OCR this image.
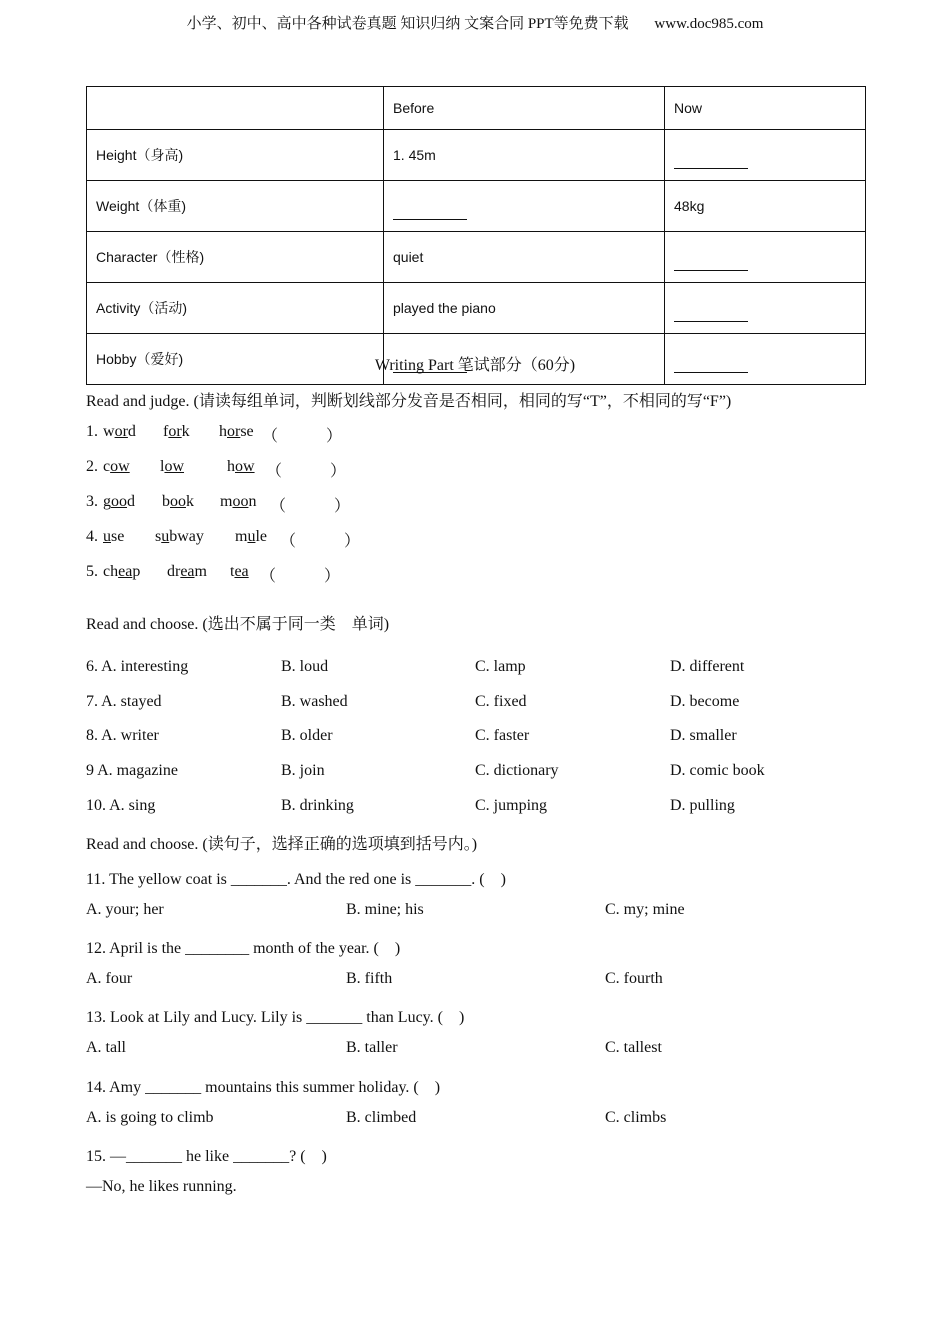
小学、初中、高中各种试卷真题 知识归纳 文案合同 PPT等免费下载 www.doc985.com
	Before	Now
Height（身高)	1. 45m	
Weight（体重)		48kg
Character（性格)	quiet	
Activity（活动)	played the piano	
Hobby（爱好)			Writing Part 笔试部分（60分)
Read and judge. (请读每组单词，判断划线部分发音是否相同，相同的写“T”，不相同的写“F”)
1. word fork horse （　　　）
2. cow low	how （　　　）
3. good book moon （　　　）
4. use subway mule （　　　）
5. cheap dream tea （　　　）
Read and choose. (选出不属于同一类　单词)
6. A. interesting	B. loud	C. lamp	D. different
7. A. stayed	B. washed	C. fixed	D. become
8. A. writer	B. older	C. faster	D. smaller
9 A. magazine	B. join	C. dictionary	D. comic book
10. A. sing	B. drinking	C. jumping	D. pulling
Read and choose. (读句子，选择正确的选项填到括号内。)
11. The yellow coat is _______. And the red one is _______. (　)
A. your; her	B. mine; his	C. my; mine
12. April is the ________ month of the year. (　)
A. four	B. fifth	C. fourth
13. Look at Lily and Lucy. Lily is _______ than Lucy. (　)
A. tall	B. taller	C. tallest
14. Amy _______ mountains this summer holiday. (　)
A. is going to climb	B. climbed	C. climbs
15. —_______ he like _______? (　)
—No, he likes running.
